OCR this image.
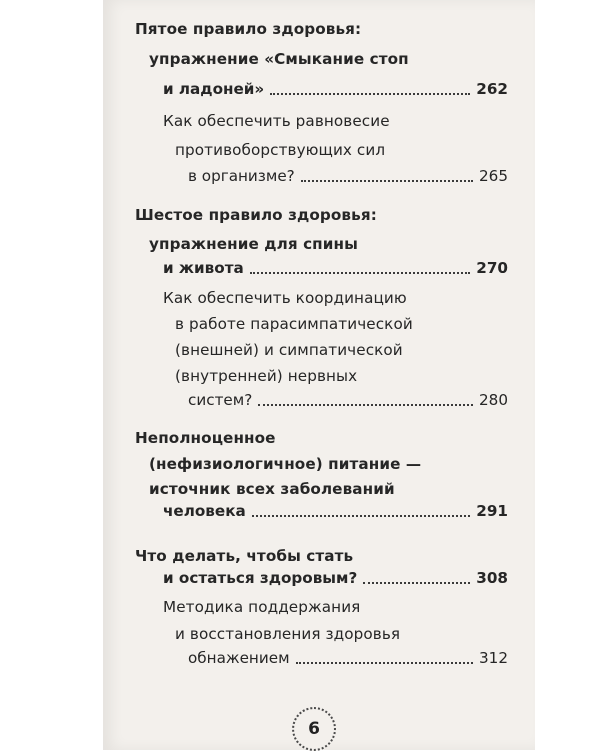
Пятое правило здоровья:
упражнение «Смыкание стоп
и ладоней»	262
Как обеспечить равновесие
противоборствующих сил
в организме?	265
Шестое правило здоровья:
упражнение для спины
и живота	270
Как обеспечить координацию
в работе парасимпатической
(внешней) и симпатической
(внутренней) нервных
систем?	280
Неполноценное
(нефизиологичное) питание —
источник всех заболеваний
человека	291
Что делать, чтобы стать
и остаться здоровым?	308
Методика поддержания
и восстановления здоровья
обнажением	312
6
